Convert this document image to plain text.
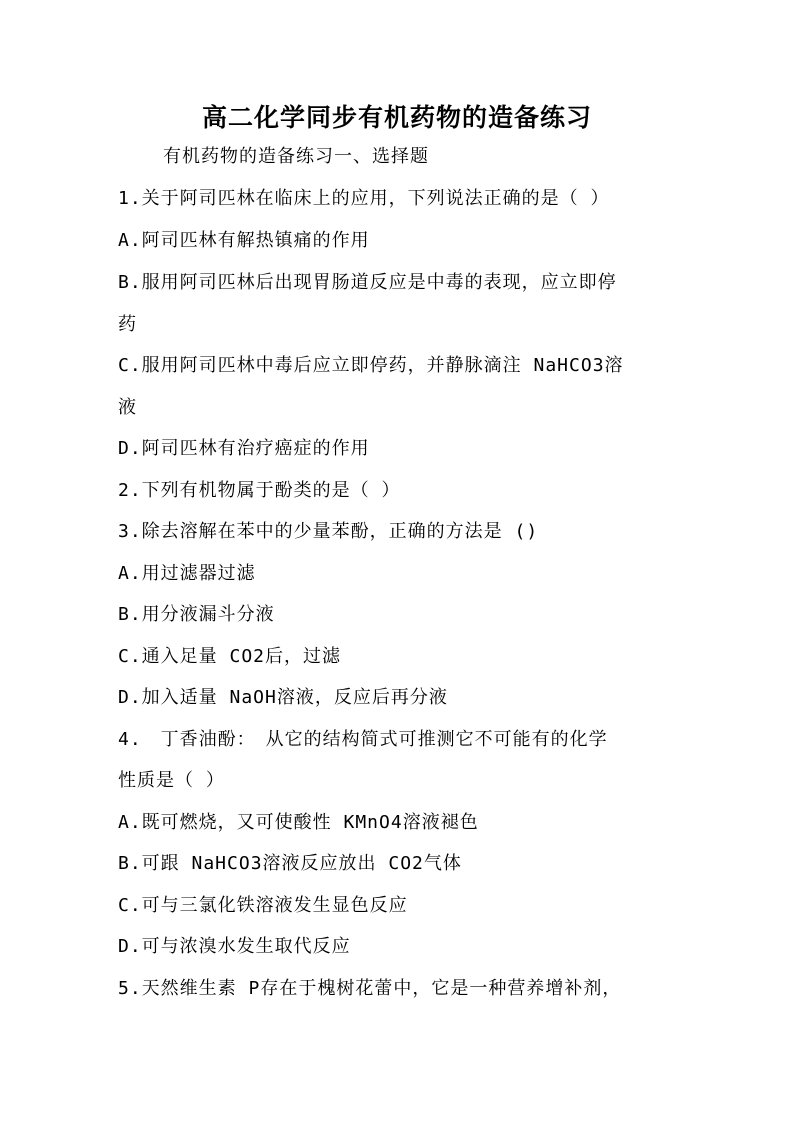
高二化学同步有机药物的造备练习
有机药物的造备练习一、选择题
1.关于阿司匹林在临床上的应用，下列说法正确的是（ ）
A.阿司匹林有解热镇痛的作用
B.服用阿司匹林后出现胃肠道反应是中毒的表现，应立即停
药
C.服用阿司匹林中毒后应立即停药，并静脉滴注 NaHCO3溶
液
D.阿司匹林有治疗癌症的作用
2.下列有机物属于酚类的是（ ）
3.除去溶解在苯中的少量苯酚，正确的方法是 ()
A.用过滤器过滤
B.用分液漏斗分液
C.通入足量 CO2后，过滤
D.加入适量 NaOH溶液，反应后再分液
4.　丁香油酚：　从它的结构简式可推测它不可能有的化学
性质是（ ）
A.既可燃烧，又可使酸性 KMnO4溶液褪色
B.可跟 NaHCO3溶液反应放出 CO2气体
C.可与三氯化铁溶液发生显色反应
D.可与浓溴水发生取代反应
5.天然维生素 P存在于槐树花蕾中，它是一种营养增补剂，
